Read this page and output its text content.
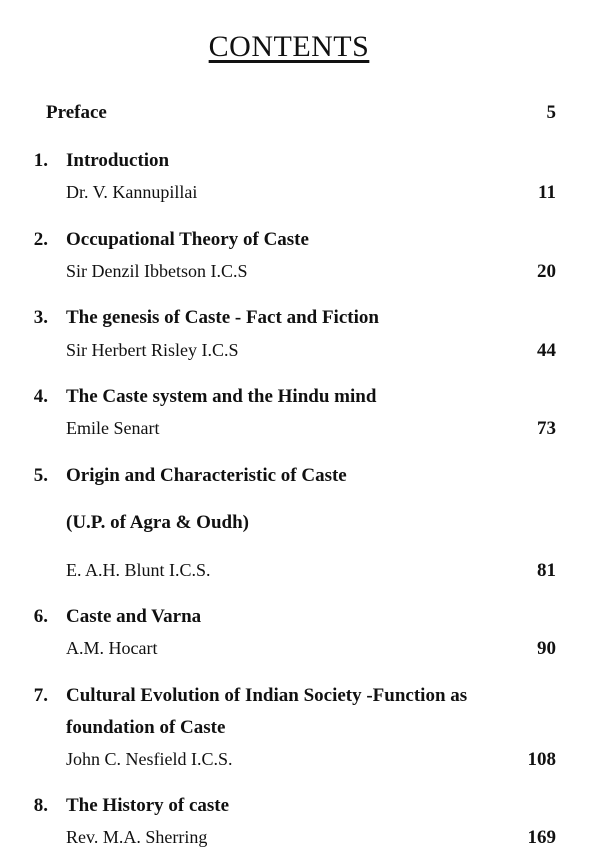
CONTENTS
Preface	5
1. Introduction
Dr. V. Kannupillai	11
2. Occupational Theory of Caste
Sir Denzil Ibbetson I.C.S	20
3. The genesis of Caste - Fact and Fiction
Sir Herbert Risley I.C.S	44
4. The Caste system and the Hindu mind
Emile Senart	73
5. Origin and Characteristic of Caste
(U.P. of Agra & Oudh)
E. A.H. Blunt I.C.S.	81
6. Caste and Varna
A.M. Hocart	90
7. Cultural Evolution of Indian Society -Function as
foundation of Caste
John C. Nesfield I.C.S.	108
8. The History of caste
Rev. M.A. Sherring	169
